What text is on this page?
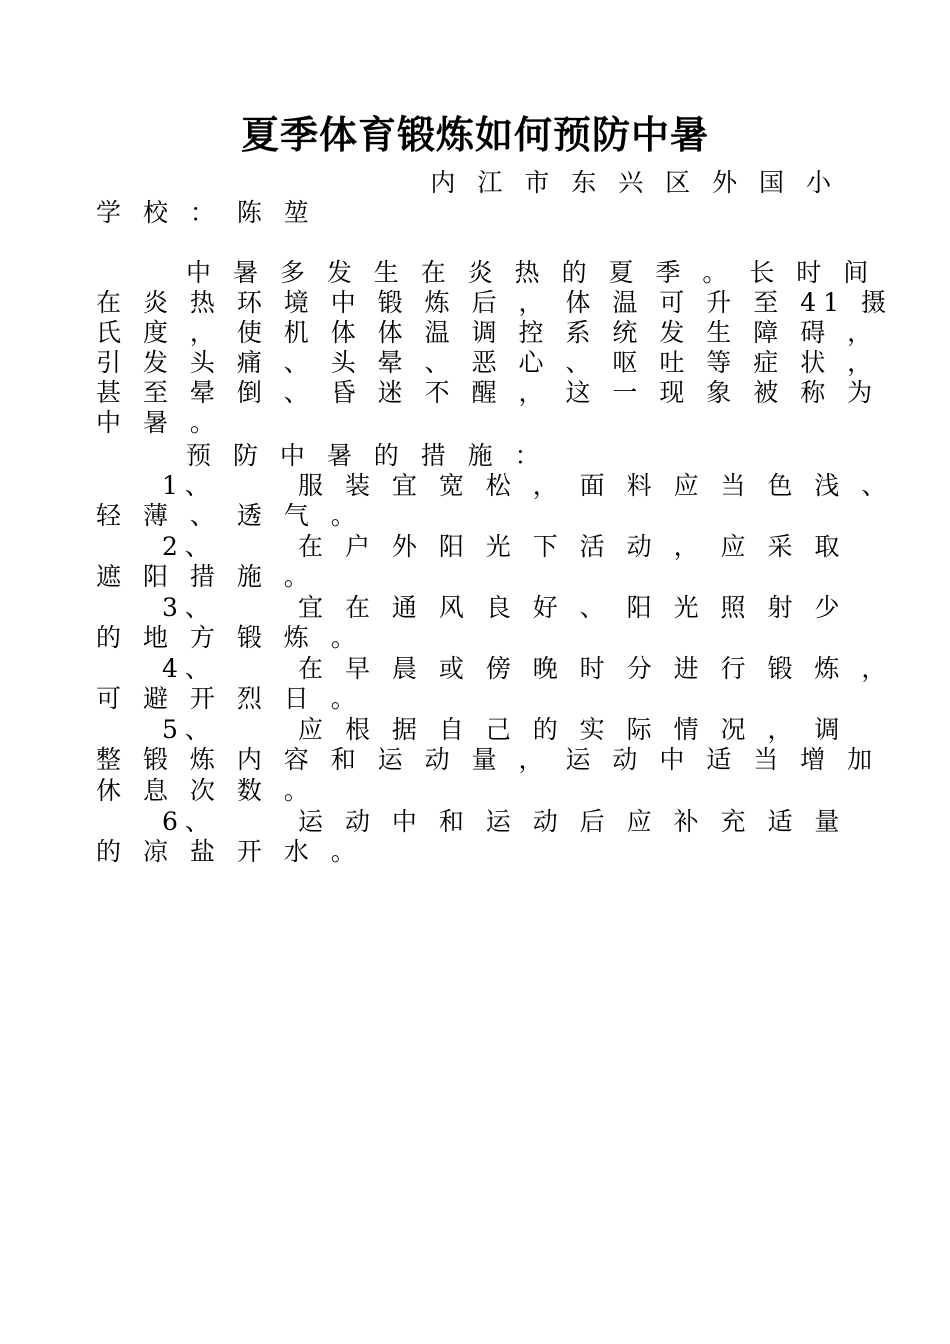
夏季体育锻炼如何预防中暑
内 江 市 东 兴 区 外 国 小
学 校 ： 陈 堃
中 暑 多 发 生 在 炎 热 的 夏 季 。 长 时 间
在 炎 热 环 境 中 锻 炼 后 ， 体 温 可 升 至 41 摄
氏 度 ， 使 机 体 体 温 调 控 系 统 发 生 障 碍 ，
引 发 头 痛 、 头 晕 、 恶 心 、 呕 吐 等 症 状 ，
甚 至 晕 倒 、 昏 迷 不 醒 ， 这 一 现 象 被 称 为
中 暑 。
预 防 中 暑 的 措 施 ：
1、	服 装 宜 宽 松 ， 面 料 应 当 色 浅 、
轻 薄 、 透 气 。
2、	在 户 外 阳 光 下 活 动 ， 应 采 取
遮 阳 措 施 。
3、	宜 在 通 风 良 好 、 阳 光 照 射 少
的 地 方 锻 炼 。
4、	在 早 晨 或 傍 晚 时 分 进 行 锻 炼 ，
可 避 开 烈 日 。
5、	应 根 据 自 己 的 实 际 情 况 ， 调
整 锻 炼 内 容 和 运 动 量 ， 运 动 中 适 当 增 加
休 息 次 数 。
6、	运 动 中 和 运 动 后 应 补 充 适 量
的 凉 盐 开 水 。
